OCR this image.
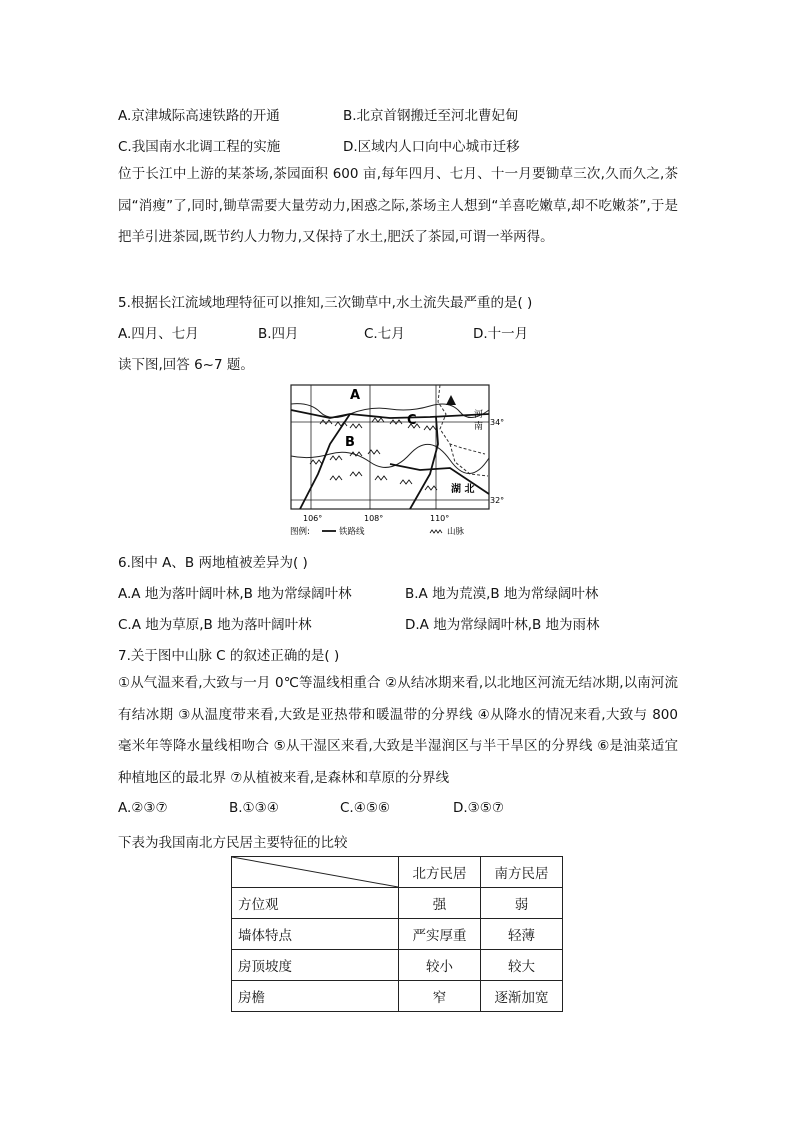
A.京津城际高速铁路的开通	B.北京首钢搬迁至河北曹妃甸
C.我国南水北调工程的实施	D.区域内人口向中心城市迁移
位于长江中上游的某茶场,茶园面积 600 亩,每年四月、七月、十一月要锄草三次,久而久之,茶园“消瘦”了,同时,锄草需要大量劳动力,困惑之际,茶场主人想到“羊喜吃嫩草,却不吃嫩茶”,于是把羊引进茶园,既节约人力物力,又保持了水土,肥沃了茶园,可谓一举两得。
5.根据长江流域地理特征可以推知,三次锄草中,水土流失最严重的是( )
A.四月、七月	B.四月	C.七月	D.十一月
读下图,回答 6~7 题。
A
B
C	河
南
湖 北
34°
32°
106°	108°	110°
图例:	铁路线	山脉
6.图中 A、B 两地植被差异为( )
A.A 地为落叶阔叶林,B 地为常绿阔叶林	B.A 地为荒漠,B 地为常绿阔叶林
C.A 地为草原,B 地为落叶阔叶林	D.A 地为常绿阔叶林,B 地为雨林
7.关于图中山脉 C 的叙述正确的是( )
①从气温来看,大致与一月 0℃等温线相重合 ②从结冰期来看,以北地区河流无结冰期,以南河流有结冰期 ③从温度带来看,大致是亚热带和暖温带的分界线 ④从降水的情况来看,大致与 800 毫米年等降水量线相吻合 ⑤从干湿区来看,大致是半湿润区与半干旱区的分界线 ⑥是油菜适宜种植地区的最北界 ⑦从植被来看,是森林和草原的分界线
A.②③⑦	B.①③④	C.④⑤⑥	D.③⑤⑦
下表为我国南北方民居主要特征的比较
	北方民居	南方民居
方位观	强	弱
墙体特点	严实厚重	轻薄
房顶坡度	较小	较大
房檐	窄	逐渐加宽
